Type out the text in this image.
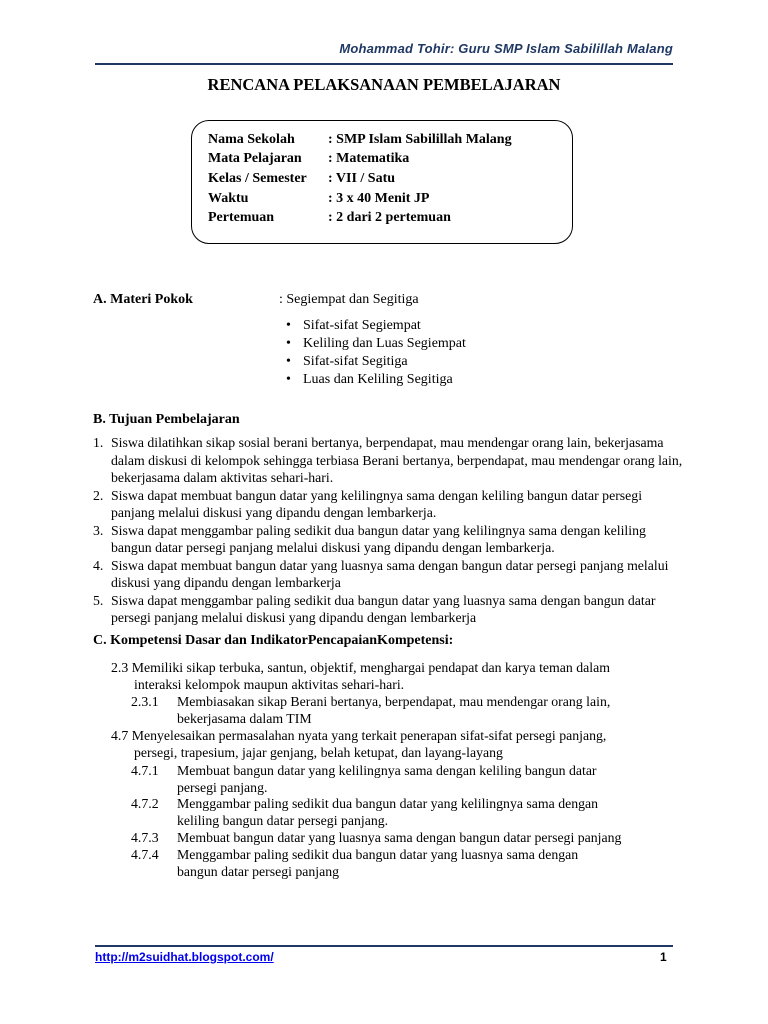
Mohammad Tohir: Guru SMP Islam Sabilillah Malang
RENCANA PELAKSANAAN PEMBELAJARAN
Nama Sekolah : SMP Islam Sabilillah Malang
Mata Pelajaran : Matematika
Kelas / Semester : VII / Satu
Waktu	: 3 x 40 Menit JP
Pertemuan	: 2 dari 2 pertemuan
A. Materi Pokok	: Segiempat dan Segitiga
• Sifat-sifat Segiempat
• Keliling dan Luas Segiempat
• Sifat-sifat Segitiga
• Luas dan Keliling Segitiga
B. Tujuan Pembelajaran
1. Siswa dilatihkan sikap sosial berani bertanya, berpendapat, mau mendengar orang lain, bekerjasama dalam diskusi di kelompok sehingga terbiasa Berani bertanya, berpendapat, mau mendengar orang lain, bekerjasama dalam aktivitas sehari-hari.
2. Siswa dapat membuat bangun datar yang kelilingnya sama dengan keliling bangun datar persegi panjang melalui diskusi yang dipandu dengan lembarkerja.
3. Siswa dapat menggambar paling sedikit dua bangun datar yang kelilingnya sama dengan keliling bangun datar persegi panjang melalui diskusi yang dipandu dengan lembarkerja.
4. Siswa dapat membuat bangun datar yang luasnya sama dengan bangun datar persegi panjang melalui diskusi yang dipandu dengan lembarkerja
5. Siswa dapat menggambar paling sedikit dua bangun datar yang luasnya sama dengan bangun datar persegi panjang melalui diskusi yang dipandu dengan lembarkerja
C. Kompetensi Dasar dan IndikatorPencapaianKompetensi:
2.3 Memiliki sikap terbuka, santun, objektif, menghargai pendapat dan karya teman dalam
interaksi kelompok maupun aktivitas sehari-hari.
2.3.1 Membiasakan sikap Berani bertanya, berpendapat, mau mendengar orang lain,
bekerjasama dalam TIM
4.7 Menyelesaikan permasalahan nyata yang terkait penerapan sifat-sifat persegi panjang,
persegi, trapesium, jajar genjang, belah ketupat, dan layang-layang
4.7.1 Membuat bangun datar yang kelilingnya sama dengan keliling bangun datar
persegi panjang.
4.7.2 Menggambar paling sedikit dua bangun datar yang kelilingnya sama dengan
keliling bangun datar persegi panjang.
4.7.3 Membuat bangun datar yang luasnya sama dengan bangun datar persegi panjang
4.7.4 Menggambar paling sedikit dua bangun datar yang luasnya sama dengan
bangun datar persegi panjang
http://m2suidhat.blogspot.com/	1
